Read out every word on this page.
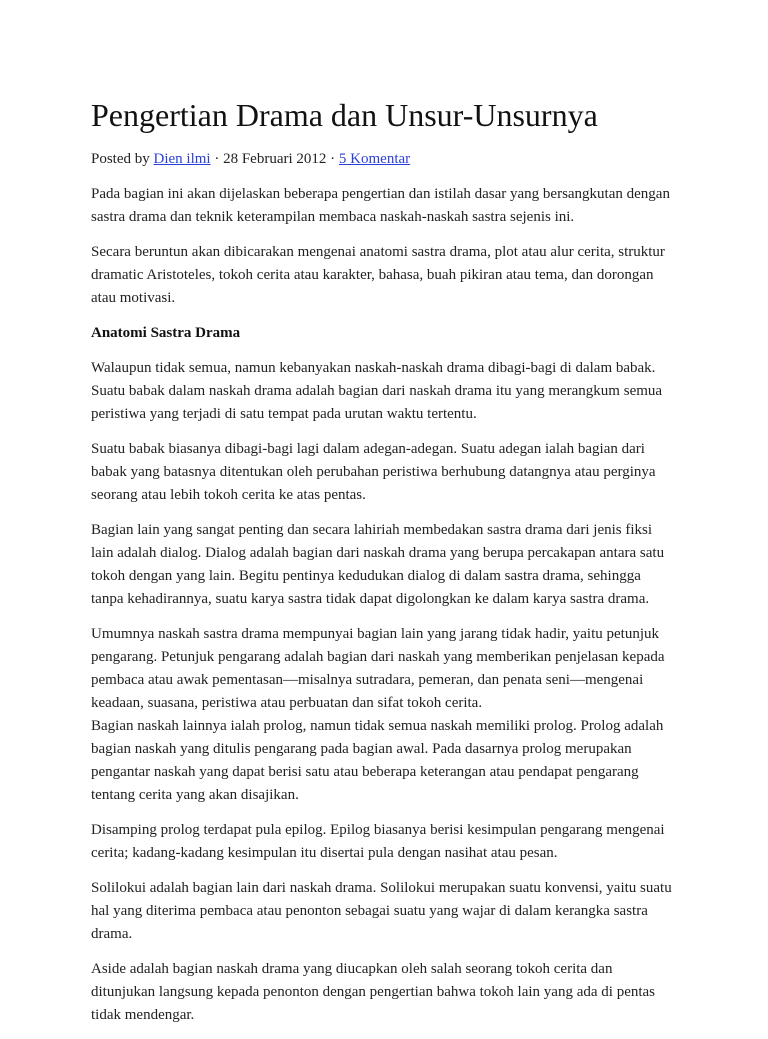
Pengertian Drama dan Unsur-Unsurnya
Posted by Dien ilmi · 28 Februari 2012 · 5 Komentar
Pada bagian ini akan dijelaskan beberapa pengertian dan istilah dasar yang bersangkutan dengan
sastra drama dan teknik keterampilan membaca naskah-naskah sastra sejenis ini.
Secara beruntun akan dibicarakan mengenai anatomi sastra drama, plot atau alur cerita, struktur
dramatic Aristoteles, tokoh cerita atau karakter, bahasa, buah pikiran atau tema, dan dorongan
atau motivasi.
Anatomi Sastra Drama
Walaupun tidak semua, namun kebanyakan naskah-naskah drama dibagi-bagi di dalam babak.
Suatu babak dalam naskah drama adalah bagian dari naskah drama itu yang merangkum semua
peristiwa yang terjadi di satu tempat pada urutan waktu tertentu.
Suatu babak biasanya dibagi-bagi lagi dalam adegan-adegan. Suatu adegan ialah bagian dari
babak yang batasnya ditentukan oleh perubahan peristiwa berhubung datangnya atau perginya
seorang atau lebih tokoh cerita ke atas pentas.
Bagian lain yang sangat penting dan secara lahiriah membedakan sastra drama dari jenis fiksi
lain adalah dialog. Dialog adalah bagian dari naskah drama yang berupa percakapan antara satu
tokoh dengan yang lain. Begitu pentinya kedudukan dialog di dalam sastra drama, sehingga
tanpa kehadirannya, suatu karya sastra tidak dapat digolongkan ke dalam karya sastra drama.
Umumnya naskah sastra drama mempunyai bagian lain yang jarang tidak hadir, yaitu petunjuk
pengarang. Petunjuk pengarang adalah bagian dari naskah yang memberikan penjelasan kepada
pembaca atau awak pementasan—misalnya sutradara, pemeran, dan penata seni—mengenai
keadaan, suasana, peristiwa atau perbuatan dan sifat tokoh cerita.
Bagian naskah lainnya ialah prolog, namun tidak semua naskah memiliki prolog. Prolog adalah
bagian naskah yang ditulis pengarang pada bagian awal. Pada dasarnya prolog merupakan
pengantar naskah yang dapat berisi satu atau beberapa keterangan atau pendapat pengarang
tentang cerita yang akan disajikan.
Disamping prolog terdapat pula epilog. Epilog biasanya berisi kesimpulan pengarang mengenai
cerita; kadang-kadang kesimpulan itu disertai pula dengan nasihat atau pesan.
Solilokui adalah bagian lain dari naskah drama. Solilokui merupakan suatu konvensi, yaitu suatu
hal yang diterima pembaca atau penonton sebagai suatu yang wajar di dalam kerangka sastra
drama.
Aside adalah bagian naskah drama yang diucapkan oleh salah seorang tokoh cerita dan
ditunjukan langsung kepada penonton dengan pengertian bahwa tokoh lain yang ada di pentas
tidak mendengar.
